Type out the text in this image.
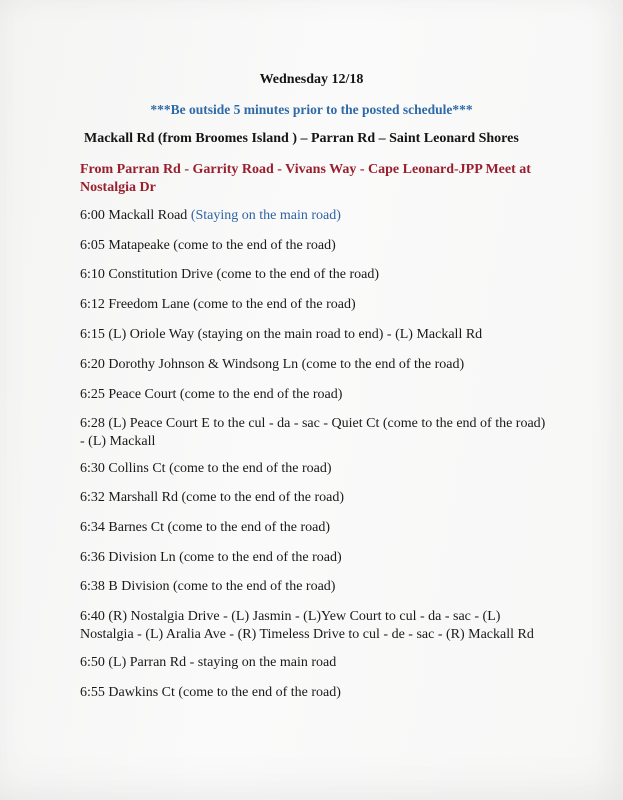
Wednesday 12/18
***Be outside 5 minutes prior to the posted schedule***
Mackall Rd (from Broomes Island ) – Parran Rd – Saint Leonard Shores
From Parran Rd - Garrity Road - Vivans Way - Cape Leonard-JPP Meet at Nostalgia Dr
6:00 Mackall Road (Staying on the main road)
6:05 Matapeake (come to the end of the road)
6:10 Constitution Drive (come to the end of the road)
6:12 Freedom Lane (come to the end of the road)
6:15 (L) Oriole Way (staying on the main road to end) - (L) Mackall Rd
6:20 Dorothy Johnson & Windsong Ln (come to the end of the road)
6:25 Peace Court (come to the end of the road)
6:28 (L) Peace Court E to the cul - da - sac - Quiet Ct (come to the end of the road) - (L) Mackall
6:30 Collins Ct (come to the end of the road)
6:32 Marshall Rd (come to the end of the road)
6:34 Barnes Ct (come to the end of the road)
6:36 Division Ln (come to the end of the road)
6:38 B Division (come to the end of the road)
6:40 (R) Nostalgia Drive - (L) Jasmin - (L)Yew Court to cul - da - sac - (L) Nostalgia - (L) Aralia Ave - (R) Timeless Drive to cul - de - sac - (R) Mackall Rd
6:50 (L) Parran Rd - staying on the main road
6:55 Dawkins Ct (come to the end of the road)
